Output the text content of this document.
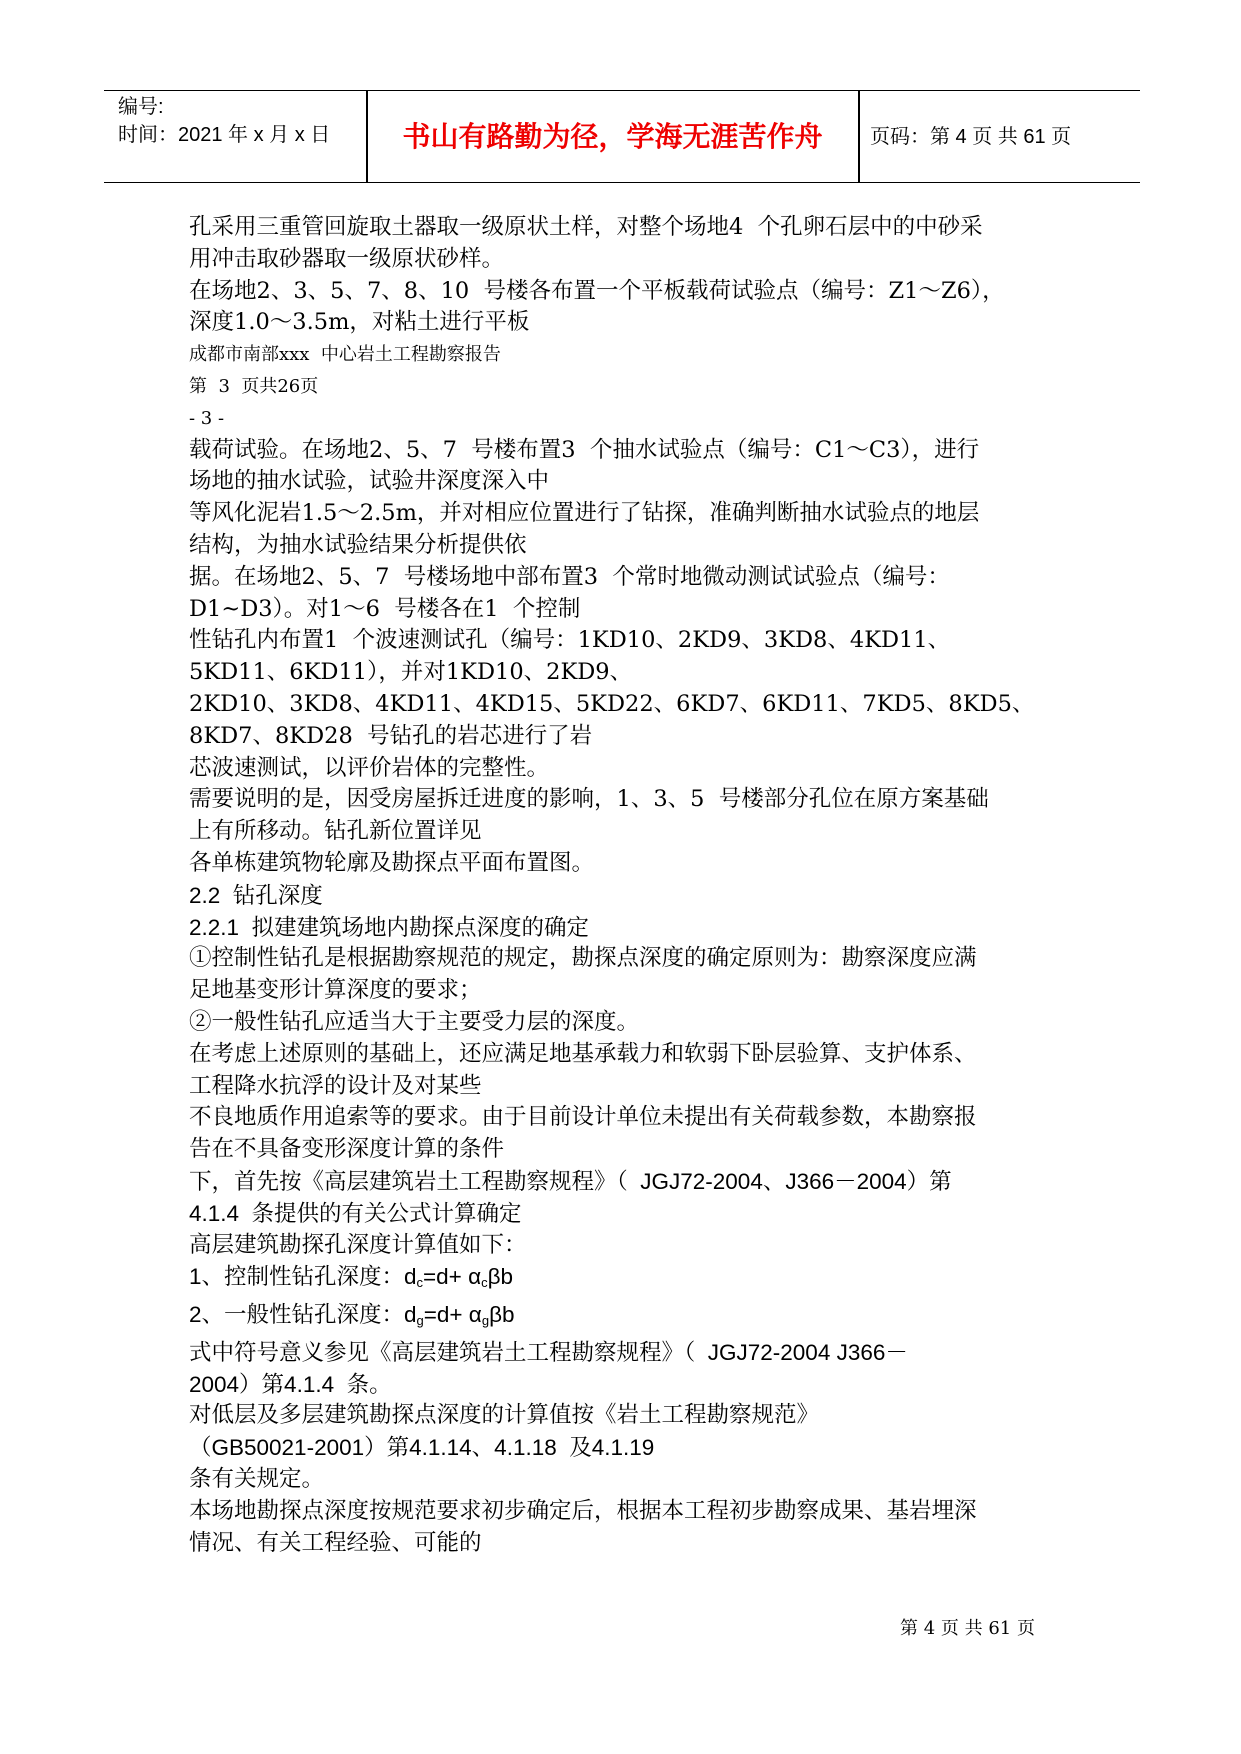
编号:
时间：2021 年 x 月 x 日	书山有路勤为径，学海无涯苦作舟	页码：第 4 页 共 61 页
孔采用三重管回旋取土器取一级原状土样，对整个场地4  个孔卵石层中的中砂采
用冲击取砂器取一级原状砂样。
在场地2、3、5、7、8、10  号楼各布置一个平板载荷试验点（编号：Z1～Z6），
深度1.0～3.5m，对粘土进行平板
成都市南部xxx  中心岩土工程勘察报告
第  3  页共26页
- 3 -
载荷试验。在场地2、5、7  号楼布置3  个抽水试验点（编号：C1～C3），进行
场地的抽水试验，试验井深度深入中
等风化泥岩1.5～2.5m，并对相应位置进行了钻探，准确判断抽水试验点的地层
结构，为抽水试验结果分析提供依
据。在场地2、5、7  号楼场地中部布置3  个常时地微动测试试验点（编号：
D1~D3）。对1～6  号楼各在1  个控制
性钻孔内布置1  个波速测试孔（编号：1KD10、2KD9、3KD8、4KD11、
5KD11、6KD11），并对1KD10、2KD9、
2KD10、3KD8、4KD11、4KD15、5KD22、6KD7、6KD11、7KD5、8KD5、
8KD7、8KD28  号钻孔的岩芯进行了岩
芯波速测试，以评价岩体的完整性。
需要说明的是，因受房屋拆迁进度的影响，1、3、5  号楼部分孔位在原方案基础
上有所移动。钻孔新位置详见
各单栋建筑物轮廓及勘探点平面布置图。
2.2  钻孔深度
2.2.1  拟建建筑场地内勘探点深度的确定
①控制性钻孔是根据勘察规范的规定，勘探点深度的确定原则为：勘察深度应满
足地基变形计算深度的要求；
②一般性钻孔应适当大于主要受力层的深度。
在考虑上述原则的基础上，还应满足地基承载力和软弱下卧层验算、支护体系、
工程降水抗浮的设计及对某些
不良地质作用追索等的要求。由于目前设计单位未提出有关荷载参数，本勘察报
告在不具备变形深度计算的条件
下，首先按《高层建筑岩土工程勘察规程》（  JGJ72-2004、J366－2004）第
4.1.4  条提供的有关公式计算确定
高层建筑勘探孔深度计算值如下：
1、控制性钻孔深度：$d_c=d+ \alpha_c\beta b$
2、一般性钻孔深度：$d_g=d+ \alpha_g\beta b$
式中符号意义参见《高层建筑岩土工程勘察规程》（  JGJ72-2004 J366－
2004）第4.1.4  条。
对低层及多层建筑勘探点深度的计算值按《岩土工程勘察规范》
（GB50021-2001）第4.1.14、4.1.18  及4.1.19
条有关规定。
本场地勘探点深度按规范要求初步确定后，根据本工程初步勘察成果、基岩埋深
情况、有关工程经验、可能的
第 4 页 共 61 页
